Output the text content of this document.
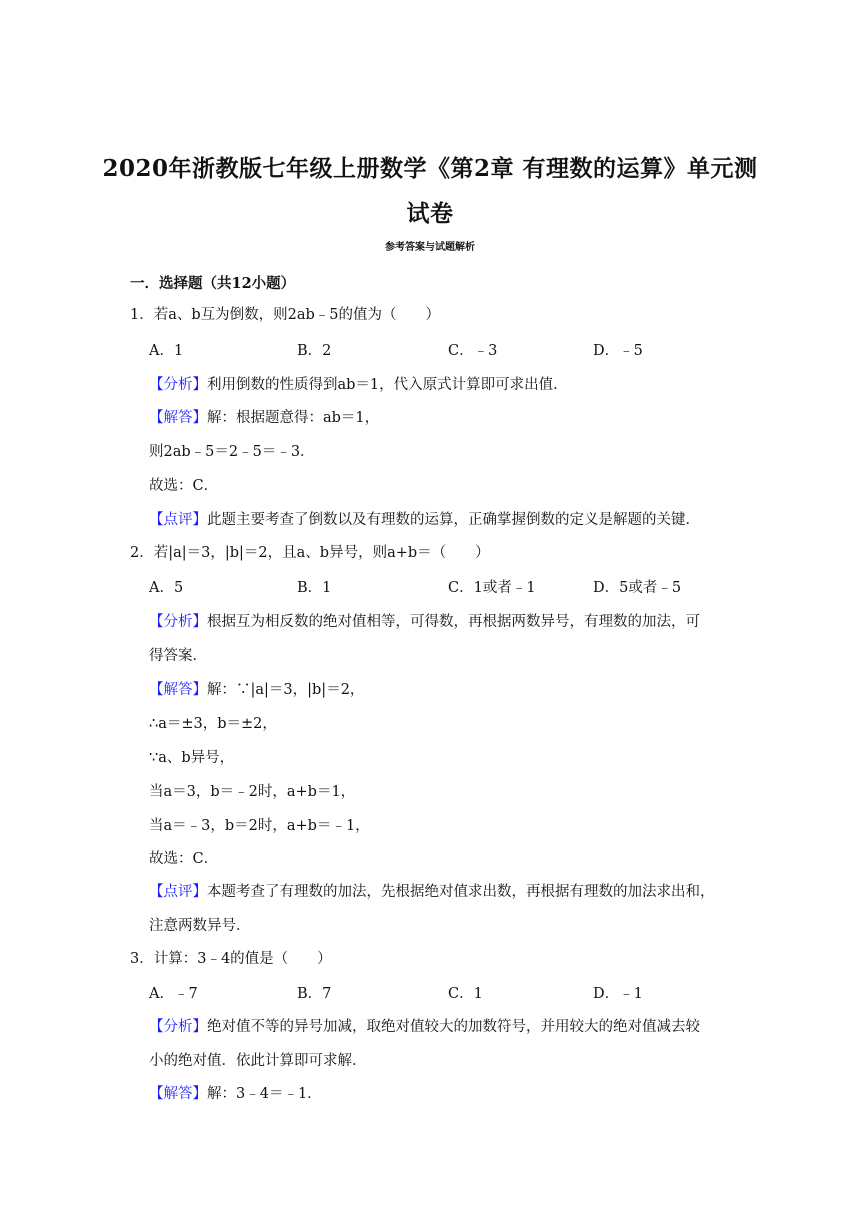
2020年浙教版七年级上册数学《第2章 有理数的运算》单元测
试卷
参考答案与试题解析
一．选择题（共12小题）
1．若a、b互为倒数，则2ab﹣5的值为（　　）
A．1	B．2	C．﹣3	D．﹣5
【分析】利用倒数的性质得到ab＝1，代入原式计算即可求出值．
【解答】解：根据题意得：ab＝1，
则2ab﹣5＝2﹣5＝﹣3．
故选：C．
【点评】此题主要考查了倒数以及有理数的运算，正确掌握倒数的定义是解题的关键．
2．若|a|＝3，|b|＝2，且a、b异号，则a+b＝（　　）
A．5	B．1	C．1或者﹣1	D．5或者﹣5
【分析】根据互为相反数的绝对值相等，可得数，再根据两数异号，有理数的加法，可
得答案．
【解答】解：∵|a|＝3，|b|＝2，
∴a＝±3，b＝±2，
∵a、b异号，
当a＝3，b＝﹣2时，a+b＝1，
当a＝﹣3，b＝2时，a+b＝﹣1，
故选：C．
【点评】本题考查了有理数的加法，先根据绝对值求出数，再根据有理数的加法求出和，
注意两数异号．
3．计算：3﹣4的值是（　　）
A．﹣7	B．7	C．1	D．﹣1
【分析】绝对值不等的异号加减，取绝对值较大的加数符号，并用较大的绝对值减去较
小的绝对值．依此计算即可求解．
【解答】解：3﹣4＝﹣1．
